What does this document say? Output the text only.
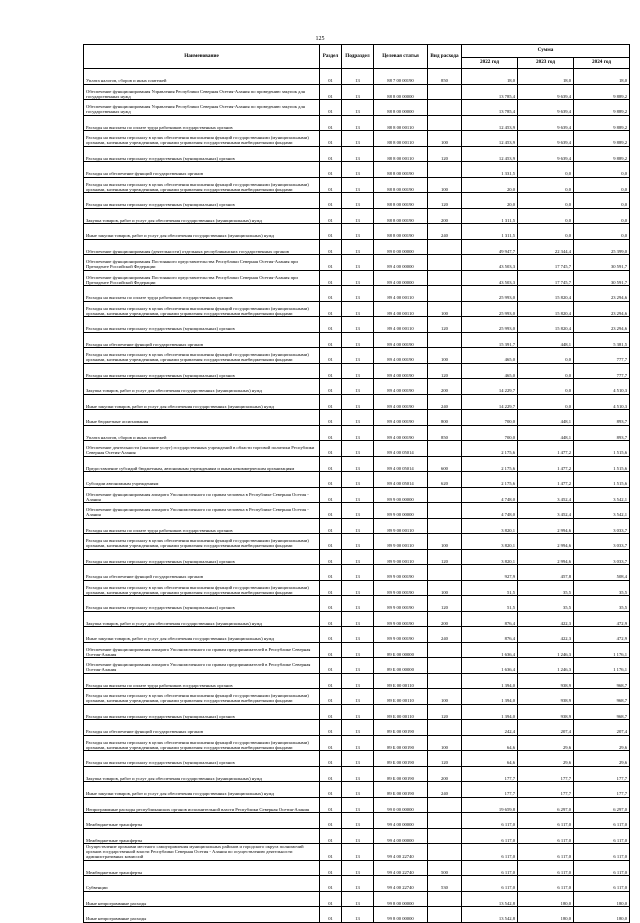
125
Наименование	Раздел	Подраздел	Целевая статья	Вид расхода	Сумма		
					2022 год	2023 год	2024 год
Уплата налогов, сборов и иных платежей	01	13	88 7 00 00190	850	18,0	18,0	18,0
Обеспечение функционирования Управления Республики Северная Осетия-Алания по проведению закупок для государственных нужд	01	13	88 8 00 00000		13 785,4	9 639,4	9 889,2
Обеспечение функционирования Управления Республики Северная Осетия-Алания по проведению закупок для государственных нужд	01	13	88 8 00 00000		13 785,4	9 639,4	9 889,2
Расходы на выплаты по оплате труда работников государственных органов	01	13	88 8 00 00110		12 453,9	9 639,4	9 889,2
Расходы на выплаты персоналу в целях обеспечения выполнения функций государственными (муниципальными) органами, казенными учреждениями, органами управления государственными внебюджетными фондами	01	13	88 8 00 00110	100	12 453,9	9 639,4	9 889,2
Расходы на выплаты персоналу государственных (муниципальных) органов	01	13	88 8 00 00110	120	12 453,9	9 639,4	9 889,2
Расходы на обеспечение функций государственных органов	01	13	88 8 00 00190		1 331,5	0,0	0,0
Расходы на выплаты персоналу в целях обеспечения выполнения функций государственными (муниципальными) органами, казенными учреждениями, органами управления государственными внебюджетными фондами	01	13	88 8 00 00190	100	20,0	0,0	0,0
Расходы на выплаты персоналу государственных (муниципальных) органов	01	13	88 8 00 00190	120	20,0	0,0	0,0
Закупка товаров, работ и услуг для обеспечения государственных (муниципальных) нужд	01	13	88 8 00 00190	200	1 311,5	0,0	0,0
Иные закупки товаров, работ и услуг для обеспечения государственных (муниципальных) нужд	01	13	88 8 00 00190	240	1 311,5	0,0	0,0
Обеспечение функционирования (деятельности) отдельных республиканских государственных органов	01	13	89 0 00 00000		49 947,7	22 344,4	25 399,0
Обеспечение функционирования Постоянного представительства Республики Северная Осетия-Алания при Президенте Российской Федерации	01	13	89 4 00 00000		43 503,3	17 745,7	30 591,7
Обеспечение функционирования Постоянного представительства Республики Северная Осетия-Алания при Президенте Российской Федерации	01	13	89 4 00 00000		43 503,3	17 745,7	30 591,7
Расходы на выплаты по оплате труда работников государственных органов	01	13	89 4 00 00110		25 993,0	15 820,4	23 294,6
Расходы на выплаты персоналу в целях обеспечения выполнения функций государственными (муниципальными) органами, казенными учреждениями, органами управления государственными внебюджетными фондами	01	13	89 4 00 00110	100	25 993,0	15 820,4	23 294,6
Расходы на выплаты персоналу государственных (муниципальных) органов	01	13	89 4 00 00110	120	25 993,0	15 820,4	23 294,6
Расходы на обеспечение функций государственных органов	01	13	89 4 00 00190		15 391,7	448,1	5 381,5
Расходы на выплаты персоналу в целях обеспечения выполнения функций государственными (муниципальными) органами, казенными учреждениями, органами управления государственными внебюджетными фондами	01	13	89 4 00 00190	100	465,0	0,0	777,7
Расходы на выплаты персоналу государственных (муниципальных) органов	01	13	89 4 00 00190	120	465,0	0,0	777,7
Закупка товаров, работ и услуг для обеспечения государственных (муниципальных) нужд	01	13	89 4 00 00190	200	14 229,7	0,0	4 510,3
Иные закупки товаров, работ и услуг для обеспечения государственных (муниципальных) нужд	01	13	89 4 00 00190	240	14 229,7	0,0	4 510,3
Иные бюджетные ассигнования	01	13	89 4 00 00190	800	700,0	448,1	893,7
Уплата налогов, сборов и иных платежей	01	13	89 4 00 00190	850	700,0	448,1	893,7
Обеспечение деятельности (оказание услуг) государственных учреждений в области торговой политики Республики Северная Осетия-Алания	01	13	89 4 00 05014		2 175,6	1 477,2	1 515,6
Предоставление субсидий бюджетным, автономным учреждениям и иным некоммерческим организациям	01	13	89 4 00 05014	600	2 175,6	1 477,2	1 515,6
Субсидии автономным учреждениям	01	13	89 4 00 05014	620	2 175,6	1 477,2	1 515,6
Обеспечение функционирования аппарата Уполномоченного по правам человека в Республике Северная Осетия - Алания	01	13	89 9 00 00000		4 748,0	3 452,4	3 542,1
Обеспечение функционирования аппарата Уполномоченного по правам человека в Республике Северная Осетия - Алания	01	13	89 9 00 00000		4 748,0	3 452,4	3 542,1
Расходы на выплаты по оплате труда работников государственных органов	01	13	89 9 00 00110		3 820,1	2 994,6	3 033,7
Расходы на выплаты персоналу в целях обеспечения выполнения функций государственными (муниципальными) органами, казенными учреждениями, органами управления государственными внебюджетными фондами	01	13	89 9 00 00110	100	3 820,1	2 994,6	3 033,7
Расходы на выплаты персоналу государственных (муниципальных) органов	01	13	89 9 00 00110	120	3 820,1	2 994,6	3 033,7
Расходы на обеспечение функций государственных органов	01	13	89 9 00 00190		927,9	457,8	508,4
Расходы на выплаты персоналу в целях обеспечения выполнения функций государственными (муниципальными) органами, казенными учреждениями, органами управления государственными внебюджетными фондами	01	13	89 9 00 00190	100	51,5	35,5	35,5
Расходы на выплаты персоналу государственных (муниципальных) органов	01	13	89 9 00 00190	120	51,5	35,5	35,5
Закупка товаров, работ и услуг для обеспечения государственных (муниципальных) нужд	01	13	89 9 00 00190	200	876,4	422,3	472,9
Иные закупки товаров, работ и услуг для обеспечения государственных (муниципальных) нужд	01	13	89 9 00 00190	240	876,4	422,3	472,9
Обеспечение функционирования аппарата Уполномоченного по правам предпринимателей в Республике Северная Осетия-Алания	01	13	89 Б 00 00000		1 636,4	1 246,3	1 176,1
Обеспечение функционирования аппарата Уполномоченного по правам предпринимателей в Республике Северная Осетия-Алания	01	13	89 Б 00 00000		1 636,4	1 246,3	1 176,1
Расходы на выплаты по оплате труда работников государственных органов	01	13	89 Б 00 00110		1 394,0	938,9	968,7
Расходы на выплаты персоналу в целях обеспечения выполнения функций государственными (муниципальными) органами, казенными учреждениями, органами управления государственными внебюджетными фондами	01	13	89 Б 00 00110	100	1 394,0	938,9	968,7
Расходы на выплаты персоналу государственных (муниципальных) органов	01	13	89 Б 00 00110	120	1 394,0	938,9	968,7
Расходы на обеспечение функций государственных органов	01	13	89 Б 00 00190		242,4	207,4	207,4
Расходы на выплаты персоналу в целях обеспечения выполнения функций государственными (муниципальными) органами, казенными учреждениями, органами управления государственными внебюджетными фондами	01	13	89 Б 00 00190	100	64,6	29,6	29,6
Расходы на выплаты персоналу государственных (муниципальных) органов	01	13	89 Б 00 00190	120	64,6	29,6	29,6
Закупка товаров, работ и услуг для обеспечения государственных (муниципальных) нужд	01	13	89 Б 00 00190	200	177,7	177,7	177,7
Иные закупки товаров, работ и услуг для обеспечения государственных (муниципальных) нужд	01	13	89 Б 00 00190	240	177,7	177,7	177,7
Непрограммные расходы республиканских органов исполнительной власти Республики Северная Осетия-Алания	01	13	99 0 00 00000		19 659,8	6 297,0	6 297,0
Межбюджетные трансферты	01	13	99 4 00 00000		6 117,0	6 117,0	6 117,0
Межбюджетные трансферты	01	13	99 4 00 00000		6 117,0	6 117,0	6 117,0
Осуществление органами местного самоуправления муниципальных районов и городского округа полномочий органов государственной власти Республики Северная Осетия - Алания по осуществлению деятельности административных комиссий	01	13	99 4 00 22740		6 117,0	6 117,0	6 117,0
Межбюджетные трансферты	01	13	99 4 00 22740	500	6 117,0	6 117,0	6 117,0
Субвенции	01	13	99 4 00 22740	530	6 117,0	6 117,0	6 117,0
Иные непрограммные расходы	01	13	99 8 00 00000		13 542,8	180,0	180,0
Иные непрограммные расходы	01	13	99 8 00 00000		13 542,8	180,0	180,0
